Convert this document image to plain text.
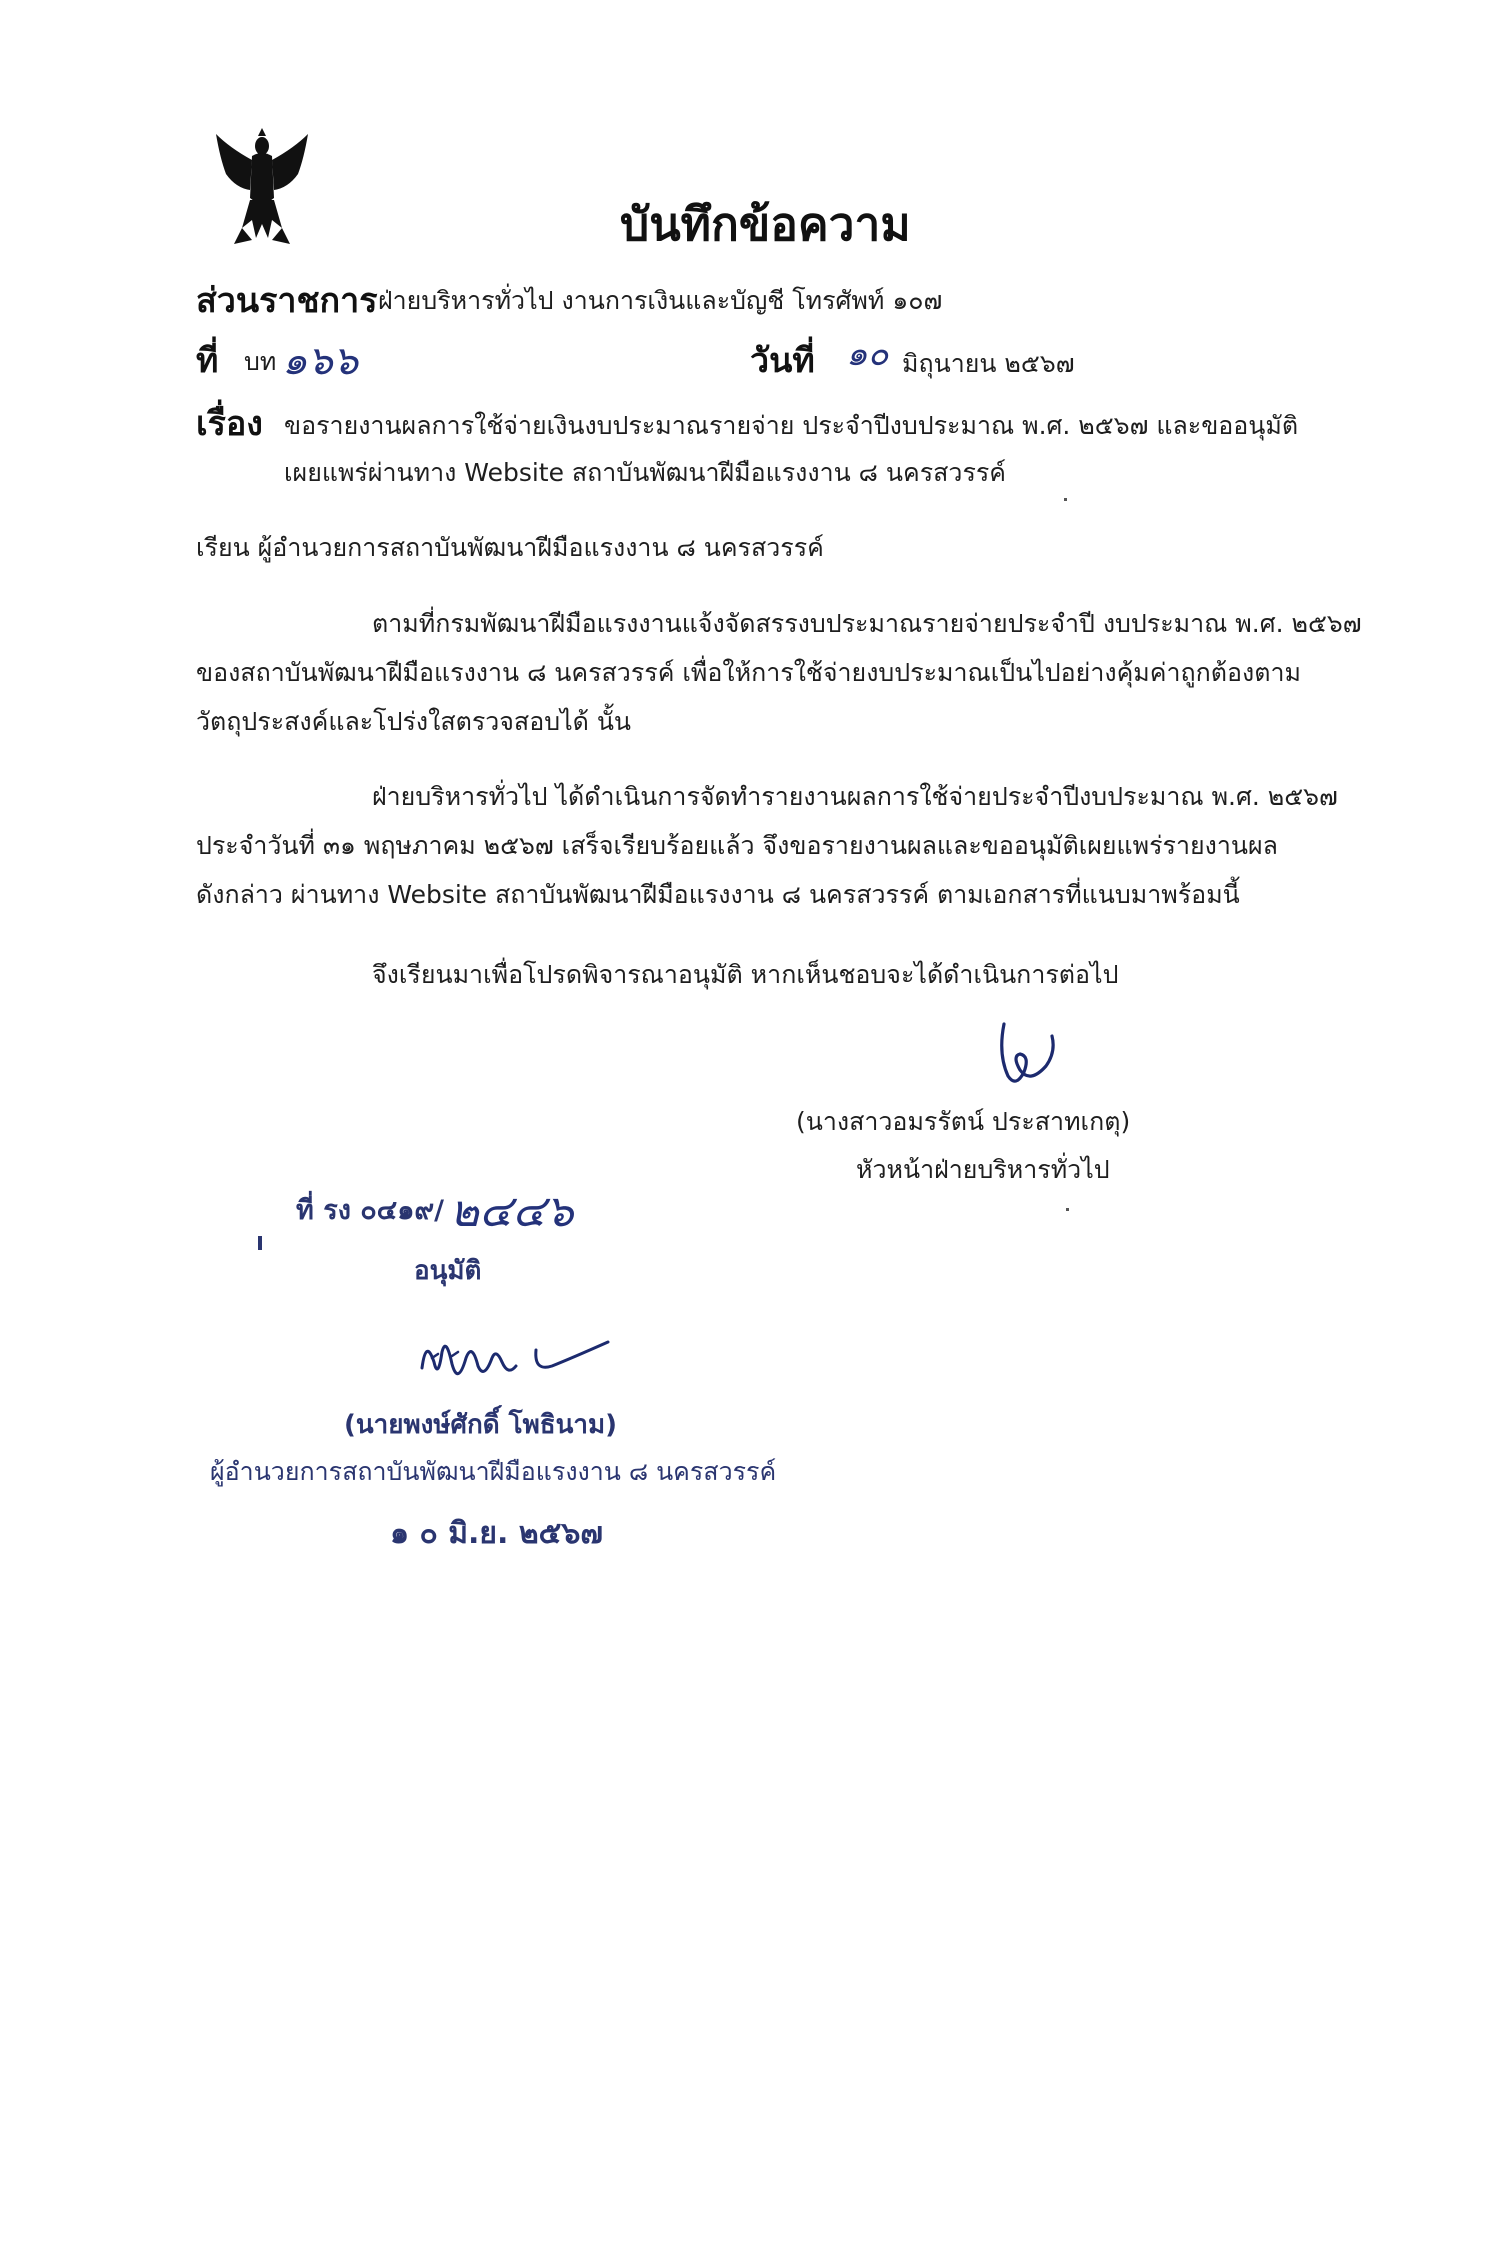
บันทึกข้อความ
ส่วนราชการ ฝ่ายบริหารทั่วไป งานการเงินและบัญชี โทรศัพท์ ๑๐๗
ที่ บท ๑๖๖	วันที่ ๑๐ มิถุนายน ๒๕๖๗
เรื่อง ขอรายงานผลการใช้จ่ายเงินงบประมาณรายจ่าย ประจำปีงบประมาณ พ.ศ. ๒๕๖๗ และขออนุมัติ
เผยแพร่ผ่านทาง Website สถาบันพัฒนาฝีมือแรงงาน ๘ นครสวรรค์
เรียน ผู้อำนวยการสถาบันพัฒนาฝีมือแรงงาน ๘ นครสวรรค์
ตามที่กรมพัฒนาฝีมือแรงงานแจ้งจัดสรรงบประมาณรายจ่ายประจำปี งบประมาณ พ.ศ. ๒๕๖๗
ของสถาบันพัฒนาฝีมือแรงงาน ๘ นครสวรรค์ เพื่อให้การใช้จ่ายงบประมาณเป็นไปอย่างคุ้มค่าถูกต้องตาม
วัตถุประสงค์และโปร่งใสตรวจสอบได้ นั้น
ฝ่ายบริหารทั่วไป ได้ดำเนินการจัดทำรายงานผลการใช้จ่ายประจำปีงบประมาณ พ.ศ. ๒๕๖๗
ประจำวันที่ ๓๑ พฤษภาคม ๒๕๖๗ เสร็จเรียบร้อยแล้ว จึงขอรายงานผลและขออนุมัติเผยแพร่รายงานผล
ดังกล่าว ผ่านทาง Website สถาบันพัฒนาฝีมือแรงงาน ๘ นครสวรรค์ ตามเอกสารที่แนบมาพร้อมนี้
จึงเรียนมาเพื่อโปรดพิจารณาอนุมัติ หากเห็นชอบจะได้ดำเนินการต่อไป
(นางสาวอมรรัตน์ ประสาทเกตุ)
หัวหน้าฝ่ายบริหารทั่วไป
ที่ รง ๐๔๑๙/ ๒๔๔๖
อนุมัติ
(นายพงษ์ศักดิ์ โพธินาม)
ผู้อำนวยการสถาบันพัฒนาฝีมือแรงงาน ๘ นครสวรรค์
๑ ๐ มิ.ย. ๒๕๖๗
